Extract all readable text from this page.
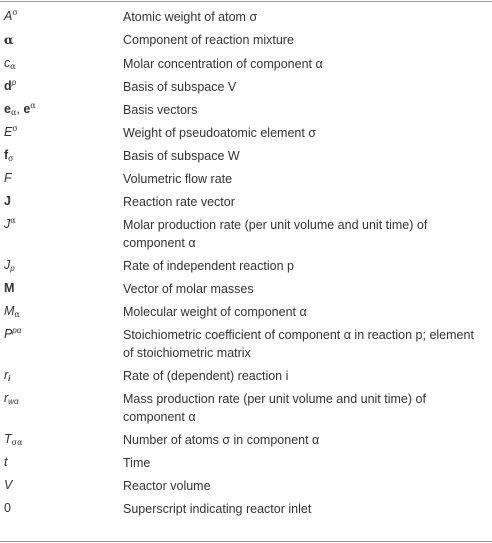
$A^\sigma$	Atomic weight of atom σ
α	Component of reaction mixture
$c_\alpha$	Molar concentration of component α
$d^\rho$	Basis of subspace V
$e_\alpha$, $e^\alpha$	Basis vectors
$E^\sigma$	Weight of pseudoatomic element σ
$f_\sigma$	Basis of subspace W
F	Volumetric flow rate
J	Reaction rate vector
$J^\alpha$	Molar production rate (per unit volume and unit time) of component α
$J_p$	Rate of independent reaction p
M	Vector of molar masses
$M_\alpha$	Molecular weight of component α
$P^{p\alpha}$	Stoichiometric coefficient of component α in reaction p; element of stoichiometric matrix
$r_i$	Rate of (dependent) reaction i
$r_{w\alpha}$	Mass production rate (per unit volume and unit time) of component α
$T_{\sigma\alpha}$	Number of atoms σ in component α
t	Time
V	Reactor volume
0	Superscript indicating reactor inlet
